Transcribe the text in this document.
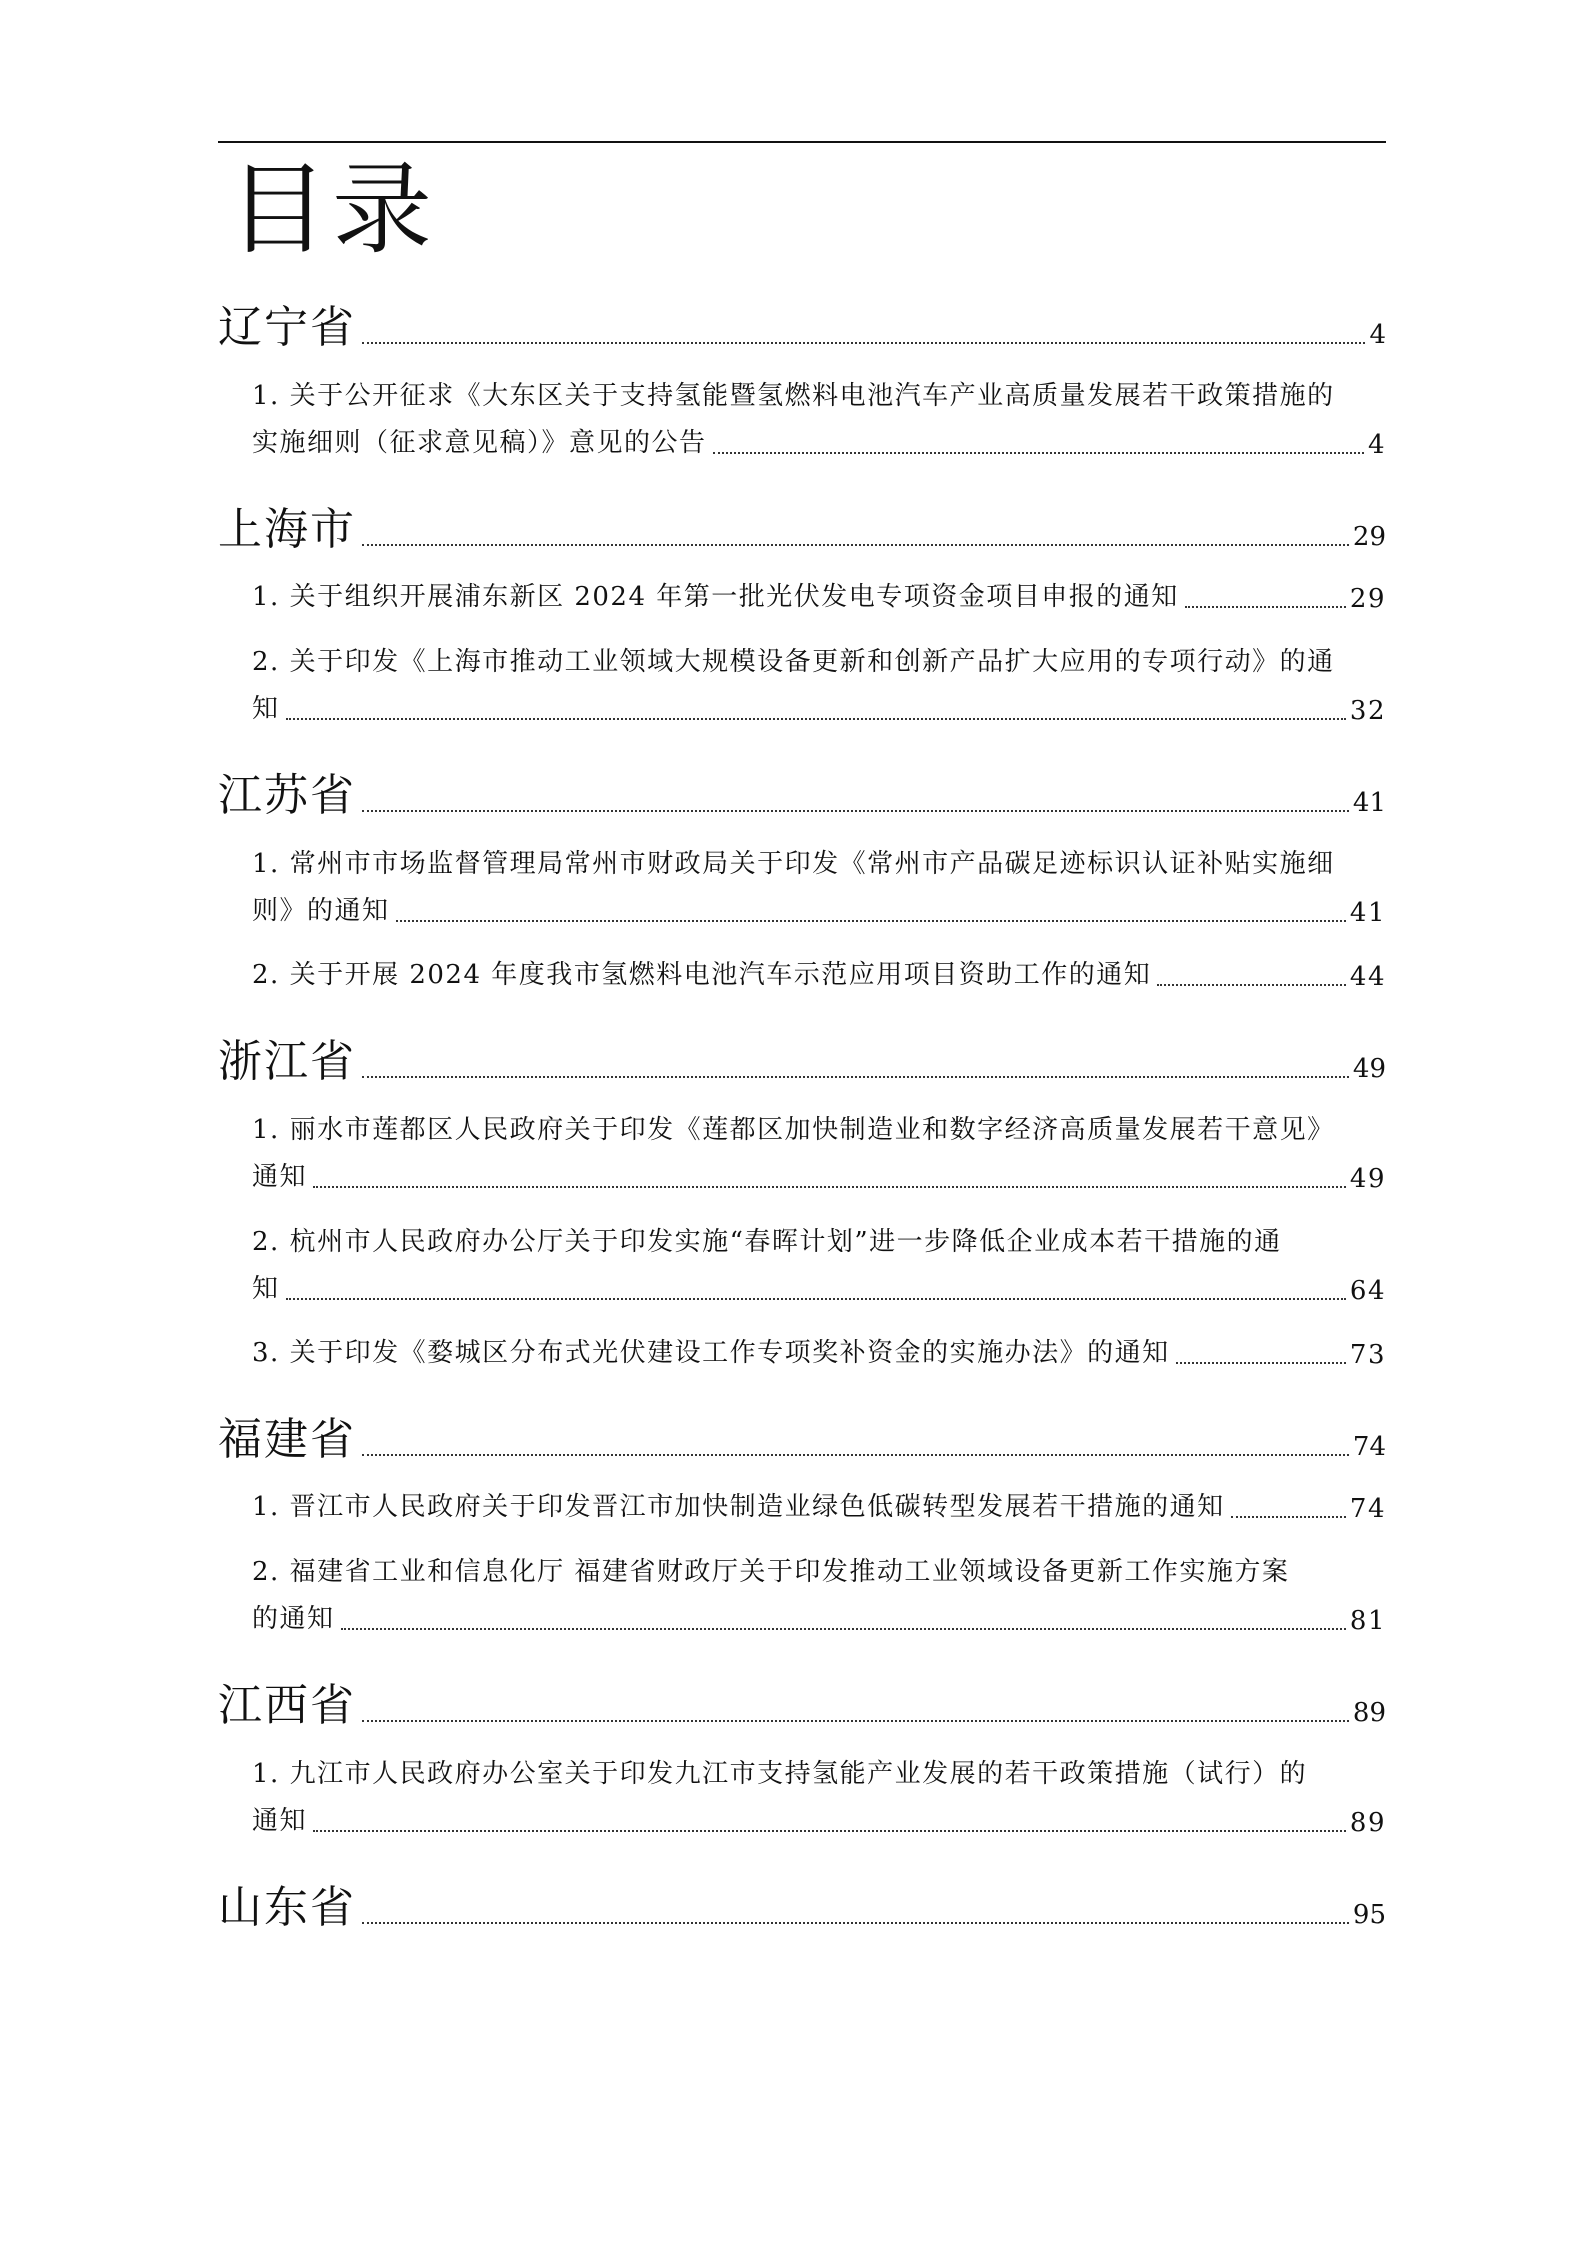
目录
辽宁省	4
1. 关于公开征求《大东区关于支持氢能暨氢燃料电池汽车产业高质量发展若干政策措施的
实施细则（征求意见稿）》意见的公告	4
上海市	29
1. 关于组织开展浦东新区 2024 年第一批光伏发电专项资金项目申报的通知	29
2. 关于印发《上海市推动工业领域大规模设备更新和创新产品扩大应用的专项行动》的通
知	32
江苏省	41
1. 常州市市场监督管理局常州市财政局关于印发《常州市产品碳足迹标识认证补贴实施细
则》的通知	41
2. 关于开展 2024 年度我市氢燃料电池汽车示范应用项目资助工作的通知	44
浙江省	49
1. 丽水市莲都区人民政府关于印发《莲都区加快制造业和数字经济高质量发展若干意见》
通知	49
2. 杭州市人民政府办公厅关于印发实施“春晖计划”进一步降低企业成本若干措施的通
知	64
3. 关于印发《婺城区分布式光伏建设工作专项奖补资金的实施办法》的通知	73
福建省	74
1. 晋江市人民政府关于印发晋江市加快制造业绿色低碳转型发展若干措施的通知	74
2. 福建省工业和信息化厅 福建省财政厅关于印发推动工业领域设备更新工作实施方案
的通知	81
江西省	89
1. 九江市人民政府办公室关于印发九江市支持氢能产业发展的若干政策措施（试行）的
通知	89
山东省	95
